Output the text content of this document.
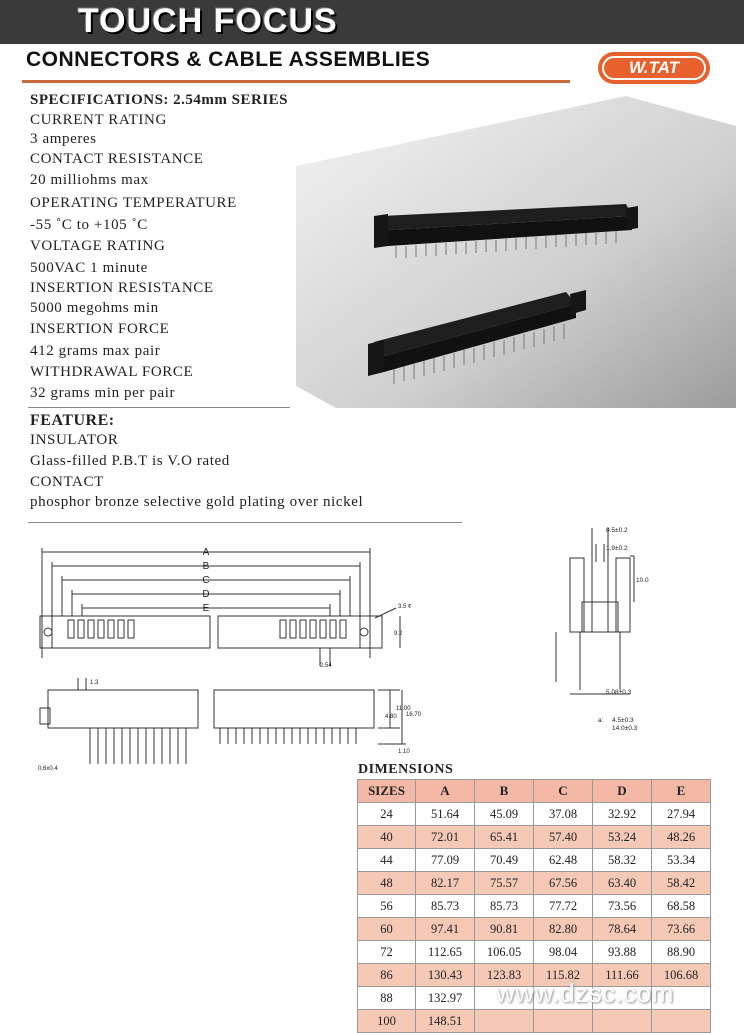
TOUCH FOCUS
CONNECTORS & CABLE ASSEMBLIES	W.TAT
SPECIFICATIONS: 2.54mm SERIES
CURRENT RATING
3 amperes
CONTACT RESISTANCE
20 milliohms max
OPERATING TEMPERATURE
-55 ˚C to +105 ˚C
VOLTAGE RATING
500VAC 1 minute
INSERTION RESISTANCE
5000 megohms min
INSERTION FORCE
412 grams max pair
WITHDRAWAL FORCE
32 grams min per pair
FEATURE:
INSULATOR
Glass-filled P.B.T is V.O rated
CONTACT
phosphor bronze selective gold plating over nickel
A
B
C
D
E	3.5 ¢
9.2
2.54
1.3
0.6x0.4
4.80
11.00
16.70
1.10
0.5±0.2
1.9±0.2
10.0
5.08±0.3
a: 4.5±0.3
14.0±0.3
DIMENSIONS
SIZES	A	B	C	D	E
24	51.64	45.09	37.08	32.92	27.94
40	72.01	65.41	57.40	53.24	48.26
44	77.09	70.49	62.48	58.32	53.34
48	82.17	75.57	67.56	63.40	58.42
56	85.73	85.73	77.72	73.56	68.58
60	97.41	90.81	82.80	78.64	73.66
72	112.65	106.05	98.04	93.88	88.90
86	130.43	123.83	115.82	111.66	106.68
88	132.97				
100	148.51				
www.dzsc.com
